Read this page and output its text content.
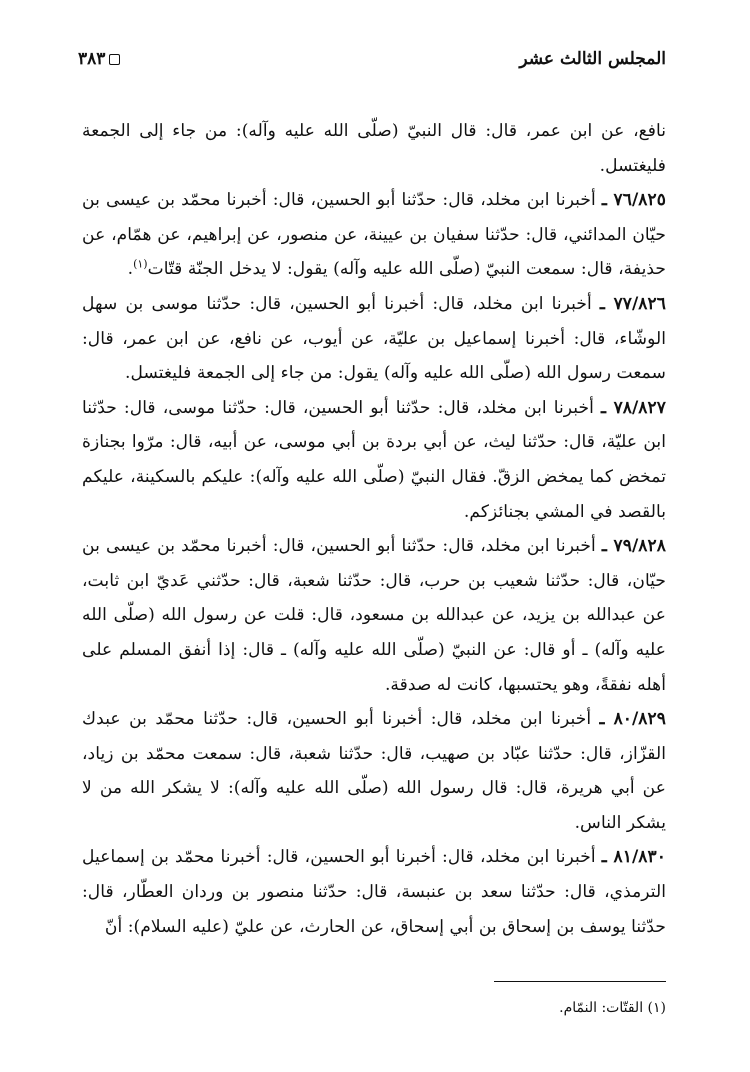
المجلس الثالث عشر
٣٨٣

نافع، عن ابن عمر، قال: قال النبيّ (صلّى الله عليه وآله): من جاء إلى الجمعة فليغتسل.

٧٦/٨٢٥ ـ أخبرنا ابن مخلد، قال: حدّثنا أبو الحسين، قال: أخبرنا محمّد بن عيسى بن حيّان المدائني، قال: حدّثنا سفيان بن عيينة، عن منصور، عن إبراهيم، عن همّام، عن حذيفة، قال: سمعت النبيّ (صلّى الله عليه وآله) يقول: لا يدخل الجنّة قتّات$^{(١)}$.

٧٧/٨٢٦ ـ أخبرنا ابن مخلد، قال: أخبرنا أبو الحسين، قال: حدّثنا موسى بن سهل الوشّاء، قال: أخبرنا إسماعيل بن عليّة، عن أيوب، عن نافع، عن ابن عمر، قال: سمعت رسول الله (صلّى الله عليه وآله) يقول: من جاء إلى الجمعة فليغتسل.

٧٨/٨٢٧ ـ أخبرنا ابن مخلد، قال: حدّثنا أبو الحسين، قال: حدّثنا موسى، قال: حدّثنا ابن عليّة، قال: حدّثنا ليث، عن أبي بردة بن أبي موسى، عن أبيه، قال: مرّوا بجنازة تمخض كما يمخض الزقّ. فقال النبيّ (صلّى الله عليه وآله): عليكم بالسكينة، عليكم بالقصد في المشي بجنائزكم.

٧٩/٨٢٨ ـ أخبرنا ابن مخلد، قال: حدّثنا أبو الحسين، قال: أخبرنا محمّد بن عيسى بن حيّان، قال: حدّثنا شعيب بن حرب، قال: حدّثنا شعبة، قال: حدّثني عَديّ ابن ثابت، عن عبدالله بن يزيد، عن عبدالله بن مسعود، قال: قلت عن رسول الله (صلّى الله عليه وآله) ـ أو قال: عن النبيّ (صلّى الله عليه وآله) ـ قال: إذا أنفق المسلم على أهله نفقةً، وهو يحتسبها، كانت له صدقة.

٨٠/٨٢٩ ـ أخبرنا ابن مخلد، قال: أخبرنا أبو الحسين، قال: حدّثنا محمّد بن عبدك القزّاز، قال: حدّثنا عبّاد بن صهيب، قال: حدّثنا شعبة، قال: سمعت محمّد بن زياد، عن أبي هريرة، قال: قال رسول الله (صلّى الله عليه وآله): لا يشكر الله من لا يشكر الناس.

٨١/٨٣٠ ـ أخبرنا ابن مخلد، قال: أخبرنا أبو الحسين، قال: أخبرنا محمّد بن إسماعيل الترمذي، قال: حدّثنا سعد بن عنبسة، قال: حدّثنا منصور بن وردان العطّار، قال: حدّثنا يوسف بن إسحاق بن أبي إسحاق، عن الحارث، عن عليّ (عليه السلام): أنّ

(١) القتّات: النمّام.
